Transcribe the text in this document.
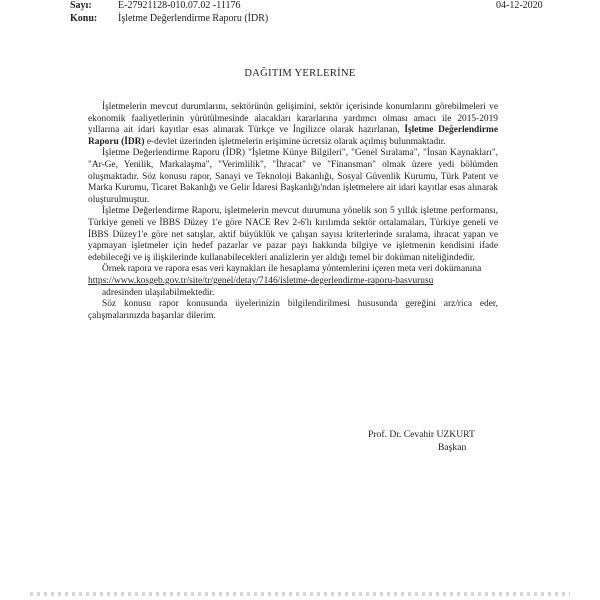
Sayı:	E-27921128-010.07.02 -11176
Konu: İşletme Değerlendirme Raporu (İDR)
04-12-2020
DAĞITIM YERLERİNE

İşletmelerin mevcut durumlarını, sektörünün gelişimini, sektör içerisinde konumlarını görebilmeleri ve ekonomik faaliyetlerinin yürütülmesinde alacakları kararlarına yardımcı olması amacı ile 2015-2019 yıllarına ait idari kayıtlar esas alınarak Türkçe ve İngilizce olarak hazırlanan, İşletme Değerlendirme Raporu (İDR) e-devlet üzerinden işletmelerin erişimine ücretsiz olarak açılmış bulunmaktadır.

İşletme Değerlendirme Raporu (İDR) "İşletme Künye Bilgileri", "Genel Sıralama", "İnsan Kaynakları", "Ar-Ge, Yenilik, Markalaşma", "Verimlilik", "İhracat" ve "Finansman" olmak üzere yedi bölümden oluşmaktadır. Söz konusu rapor, Sanayi ve Teknoloji Bakanlığı, Sosyal Güvenlik Kurumu, Türk Patent ve Marka Kurumu, Ticaret Bakanlığı ve Gelir İdaresi Başkanlığı'ndan işletmelere ait idari kayıtlar esas alınarak oluşturulmuştur.

İşletme Değerlendirme Raporu, işletmelerin mevcut durumuna yönelik son 5 yıllık işletme performansı, Türkiye geneli ve İBBS Düzey 1'e göre NACE Rev 2-6'lı kırılımda sektör ortalamaları, Türkiye geneli ve İBBS Düzey1'e göre net satışlar, aktif büyüklük ve çalışan sayısı kriterlerinde sıralama, ihracat yapan ve yapmayan işletmeler için hedef pazarlar ve pazar payı hakkında bilgiye ve işletmenin kendisini ifade edebileceği ve iş ilişkilerinde kullanabilecekleri analizlerin yer aldığı temel bir doküman niteliğindedir.

Örnek rapora ve rapora esas veri kaynakları ile hesaplama yöntemlerini içeren meta veri dokümanına

https://www.kosgeb.gov.tr/site/tr/genel/detay/7146/isletme-degerlendirme-raporu-basvurusu

adresinden ulaşılabilmektedir.

Söz konusu rapor konusunda üyelerinizin bilgilendirilmesi hususunda gereğini arz/rica eder, çalışmalarınızda başarılar dilerim.

Prof. Dr. Cevahir UZKURT
Başkan
